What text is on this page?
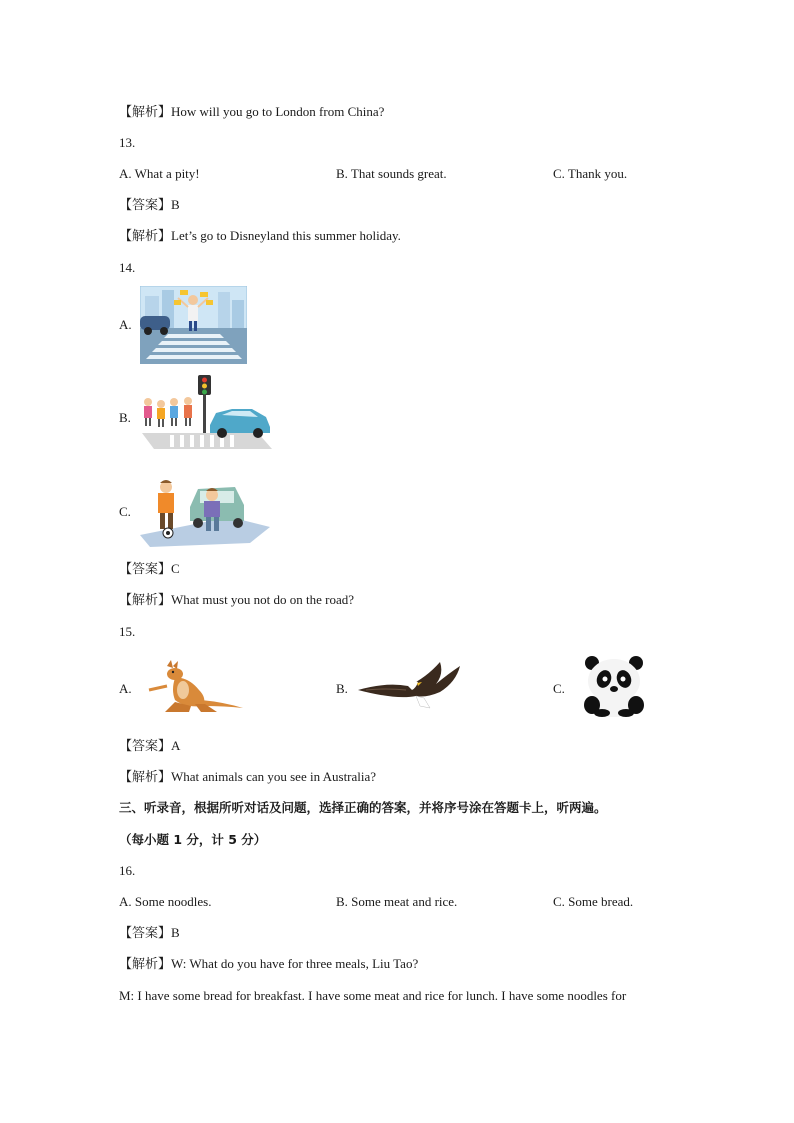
【解析】How will you go to London from China?
13.
A. What a pity!	B. That sounds great.	C. Thank you.
【答案】B
【解析】Let’s go to Disneyland this summer holiday.
14.
A.
B.
C.
【答案】C
【解析】What must you not do on the road?
15.
A.	B.	C.
【答案】A
【解析】What animals can you see in Australia?
三、听录音，根据所听对话及问题，选择正确的答案，并将序号涂在答题卡上，听两遍。
（每小题 1 分，计 5 分）
16.
A. Some noodles.	B. Some meat and rice.	C. Some bread.
【答案】B
【解析】W: What do you have for three meals, Liu Tao?
M: I have some bread for breakfast. I have some meat and rice for lunch. I have some noodles for
